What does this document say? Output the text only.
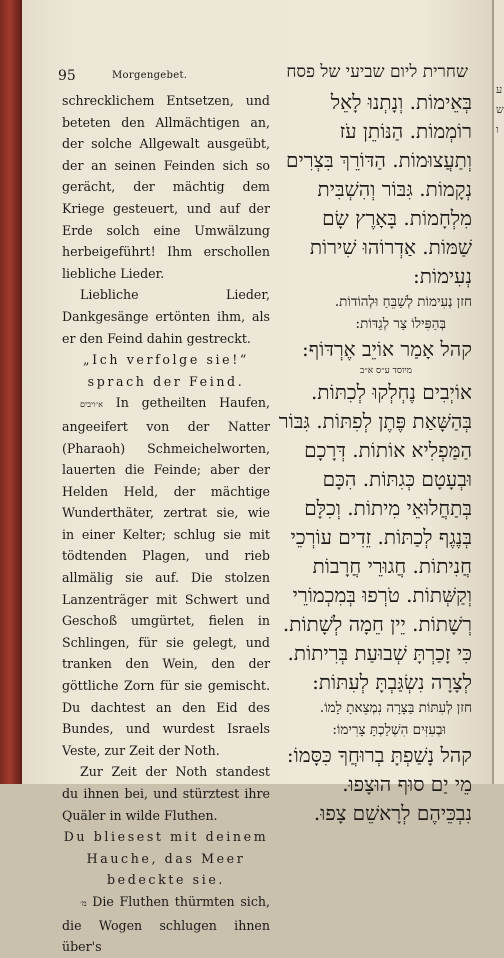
ע ש ו
95	Morgengebet.	שחרית ליום שביעי של פסח

schrecklichem Entsetzen, und beteten den Allmächtigen an, der solche Allgewalt ausgeübt, der an seinen Feinden sich so gerächt, der mächtig dem Kriege gesteuert, und auf der Erde solch eine Umwälzung herbeigeführt! Ihm erschollen liebliche Lieder.

Liebliche Lieder, Dankgesänge ertönten ihm, als er den Feind dahin gestreckt.

„Ich verfolge sie!“ sprach der Feind.

א״ויבים In getheilten Haufen, angeeifert von der Natter (Pharaoh) Schmeichelworten, lauerten die Feinde; aber der Helden Held, der mächtige Wunderthäter, zertrat sie, wie in einer Kelter; schlug sie mit tödtenden Plagen, und rieb allmälig sie auf. Die stolzen Lanzenträger mit Schwert und Geschoß umgürtet, fielen in Schlingen, für sie gelegt, und tranken den Wein, den der göttliche Zorn für sie gemischt. Du dachtest an den Eid des Bundes, und wurdest Israels Veste, zur Zeit der Noth.

Zur Zeit der Noth standest du ihnen bei, und stürztest ihre Quäler in wilde Fluthen.

Du bliesest mit deinem Hauche, das Meer bedeckte sie.

מ׳ Die Fluthen thürmten sich, die Wogen schlugen ihnen über's

בְּאֵימוֹת. וְנָתְנוּ לָאֵל
רוֹמְמוֹת. הַנּוֹתֵן עֹז
וְתַעֲצוּמוֹת. הַדּוֹרֵךְ בִּצְרִים
נְקָמוֹת. גִּבּוֹר וְהִשְׁבִּית
מִלְחָמוֹת. בָּאָרֶץ שָׂם
שַׁמּוֹת. אַדְרוֹהוּ שִׁירוֹת
נְעִימוֹת:
חזן נְעִימוֹת לְשַׁבֵּחַ וּלְהוֹדוֹת.
בְּהַפִּילוֹ צַר לְגַדּוֹת:
קהל אָמַר אוֹיֵב אֶרְדּוֹף:
מיוסד ע״ס א״ב
אוֹיְבִים נֶחְלְקוּ לְכִתּוֹת.
בְּהַשָּׁאַת פֶּתֶן לְפִתּוֹת. גִּבּוֹר
הַמַּפְלִיא אוֹתוֹת. דְּרָכָם
וּבְעָטָם כְּגִתּוֹת. הִכָּם
בְּתַחֲלוּאֵי מִיתוֹת. וְכִלָּם
בְּנֶגֶף לְכַתּוֹת. זֵדִים עוֹרְכֵי
חֲנִיתוֹת. חֲגוּרֵי חֲרָבוֹת
וְקַשְּׁתוֹת. טֹרְפוּ בְּמִכְמוֹרֵי
רְשָׁתוֹת. יֵין חֵמָה לְשָׁתוֹת.
כִּי זָכַרְתָּ שְׁבוּעַת בְּרִיתוֹת.
לְצָרָה נִשְׂגַּבְתָּ לְעִתּוֹת:
חזן לְעִתּוֹת בַּצָּרָה נִמְצֵאתָ לָמוֹ.
וּבְעִזִּים הִשְׁלַכְתָּ צָרִימוֹ:
קהל נָשַׁפְתָּ בְרוּחֲךָ כִּסָּמוֹ:
מֵי יַם סוּף הוּצָפוּ.
נִבְכֵּיהֶם לְרָאשֵׁם צָפוּ.
